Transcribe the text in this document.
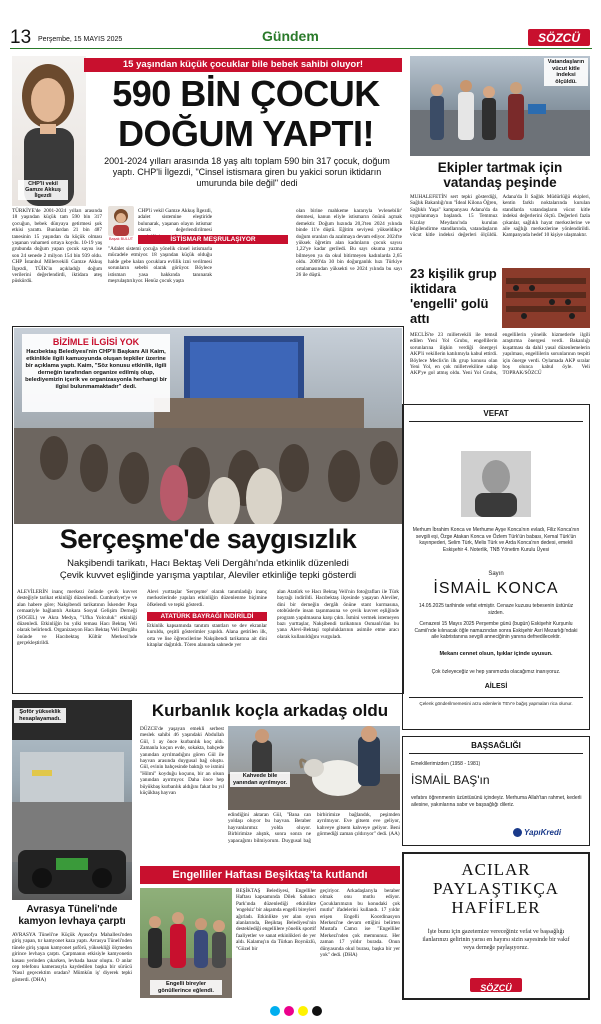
13 Perşembe, 15 MAYIS 2025	Gündem	SÖZCÜ
CHP'li vekil Gamze Akkuş İlgezdi
15 yaşından küçük çocuklar bile bebek sahibi oluyor!
590 BİN ÇOCUK
DOĞUM YAPTI!
2001-2024 yılları arasında 18 yaş altı toplam 590 bin 317 çocuk, doğum yaptı. CHP'li İlgezdi, "Cinsel istismara giren bu yakici sorun iktidarın umurunda bile değil" dedi

TÜRKİYE'de 2001-2024 yılları arasında 18 yaşından küçük tam 590 bin 317 çocuğun, bebek dünyaya getirmesi şok etkisi yarattı. Bunlardan 21 bin 487 tanesinin 15 yaşından da küçük olması yaşanan vahameti ortaya koydu. 10-19 yaş grubunda doğum yapan çocuk sayısı ise son 24 senede 2 milyon 154 bin 939 oldu. CHP İstanbul Milletvekili Gamze Akkuş İlgezdi, TÜİK'in açıkladığı doğum verilerini değerlendirdi, iktidara ateş püskürdü.

Başak BULUT
CHP'li vekil Gamze Akkuş İlgezdi, adalet sistemine eleştiride bulunarak, yaşanan olayın istismar olarak değerlendirilmesi
İSTİSMAR MEŞRULAŞIYOR
"Adalet sistemi çocuğa yönelik cinsel istismarla mücadele etmiyor. 18 yaşından küçük olduğu halde gebe kalan çocuklara evlilik izni verilmesi sorunların sebebi olarak görüyor. Böylece istismarı yasa hakkında tanınarak meşrulaştırılıyor. Henüz çocuk yaşta
olan birine mahkeme kararıyla 'evlenebilir' denmesi, kanun eliyle istismarın önünü açmak demektir. Doğum hızında 20,3'ten 2024 yılında binde 11'e düştü. Eğitim seviyesi yükseldikçe doğum oranları da azalmaya devam ediyor. 2024'te yüksek öğretim alan kadınların çocuk sayısı 1,22'ye kadar geriledi. Bu sayı okuma yazma bilmeyen ya da okul bitirmeyen kadınlarda 2,65 oldu. 2009'da 30 bin doğurganlık hızı Türkiye ortalamasından yüksekti ve 2024 yılında bu sayı 26 ile düştü.
Vatandaşların vücut kitle indeksi ölçüldü.
Ekipler tartmak için vatandaş peşinde
MUHALEFETİN sert tepki gösterdiği, Sağlık Bakanlığı'nın "İdeal Kilona Öğren, Sağlıklı Yaşa" kampanyası Adana'da da uygulanmaya başlandı. 15 Temmuz Kızılay Meydanı'nda kurulan bilgilendirme standlarında, vatandaşların vücut kitle indeksi değerleri ölçüldü. Adana'da İl Sağlık Müdürlüğü ekipleri, kentin farklı noktalarında kurulan standlarda vatandaşların vücut kitle indeksi değerlerini ölçtü. Değerleri fazla çıkanlar, sağlıklı hayat merkezlerine ve aile sağlığı merkezlerine yönlendirildi. Kampanyada hedef 10 kişiye ulaşmaktır.
23 kişilik grup iktidara 'engelli' golü attı
MECLİS'te 23 milletvekili ile temsil edilen Yeni Yol Grubu, engellilerin sorunlarına ilişkin verdiği önergeyi AKP'li vekillerin katılımıyla kabul ettirdi. Böylece Meclis'in ilk grup konusu olan Yeni Yol, en çok milletvekiline sahip AKP'ye gol atmış oldu. Yeni Yol Grubu, engellilerin yönelik hizmetlerle ilgili araştırma önergesi verdi. Bakanlığı kuşatması da dahil yasal düzenlemelerin yapılması, engellilerin sorunlarının tespiti için önerge verdi. Oylamada AKP sıralar boş olunca kabul öyle. Veli TOPRAK/SÖZCÜ
BİZİMLE İLGİSİ YOK
Hacıbektaş Belediyesi'nin CHP'li Başkanı Ali Kaim, etkinlikle ilgili kamuoyunda oluşan tepkiler üzerine bir açıklama yaptı. Kaim, "Söz konusu etkinlik, ilgili derneğin tarafından organize edilmiş olup, belediyemizin içerik ve organizasyonla herhangi bir ilgisi bulunmamaktadır" dedi.
Serçeşme'de saygısızlık
Nakşibendi tarikatı, Hacı Bektaş Veli Dergâhı'nda etkinlik düzenledi
Çevik kuvvet eşliğinde yarışma yaptılar, Aleviler etkinliğe tepki gösterdi
ALEVİLERİN inanç merkezi önünde çevik kuvvet desteğiyle tarikat etkinliği düzenlendi. Cumhuriyet'ye ve alan habere göre; Nakşibendi tarikatının İskender Paşa cemaatiyle bağlantılı Ankara Sosyal Gelişim Derneği (SOGEL) ve Akra Medya, "Ufka Yolculuk" etkinliği düzenledi. Etkinliğin bu yılki teması Hacı Bektaş Veli olarak belirlendi. Organizasyon Hacı Bektaş Veli Dergâhı önünde ve Hacıbektaş Kültür Merkezi'nde gerçekleştirildi.
Alevi yurttaşlar 'Serçeşme' olarak tanımladığı inanç merkezlerinde yapılan etkinliğin düzenlenme biçimine öfkelendi ve tepki gösterdi.
ATATÜRK BAYRAĞI İNDİRİLDİ
Etkinlik kapsamında tanıtım stantları ve dev ekranlar kuruldu, çeşitli gösterimler yapıldı. Alana getirilen ilk, orta ve lise öğrencilerine Nakşibendi tarikatına ait dini kitaplar dağıtıldı. Tören alanında sahnede yer
alan Atatürk ve Hacı Bektaş Veli'nin fotoğrafları ile Türk bayrağı indirildi. Hacıbektaş ilçesinde yaşayan Aleviler, dini bir derneğin dergâh önüne stant kurmasına, otobüslerle insan taşınmasına ve çevik kuvvet eşliğinde program yapılmasına karşı çıktı. İsmini vermek istemeyen bazı yurttaşlar, Nakşibendi tarikatının Osmanlı'dan bu yana Alevi-Bektaşi topluluklarının asimile etme aracı olarak kullanıldığını vurguladı.
VEFAT
Merhum İbrahim Konca ve Merhume Ayşe Konca'nın evladı, Filiz Konca'nın sevgili eşi, Özge Atakan Konca ve Özlem Türk'ün babası, Kemal Türk'ün kayınpederi, Selim Türk, Melis Türk ve Arda Konca'nın dedesi, emekli Eskişehir 4. Noterlik, TNB Yönetim Kurulu Üyesi
Sayın
İSMAİL KONCA
14.05.2025 tarihinde vefat etmiştir. Cenaze kuzusu tebesenin üstünüz sizden.
Cenazesi 15 Mayıs 2025 Perşembe günü (bugün) Eskişehir Kurşunlu Camii'nde kılınacak öğle namazından sonra Eskişehir Asri Mezarlığı'ndaki aile kabristanına sevgili anneciğinin yanına defnedilecektir.
Mekanı cennet olsun, Işıklar içinde uyusun.
Çok özleyeceğiz ve hep yanımızda olacağımız inanıyoruz.
AİLESİ
Çelenk gönderilmemesini arzu edenlerin TEV'e bağış yapmaları rica olunur.
Şoför yükseklik hesaplayamadı.
Avrasya Tüneli'nde kamyon levhaya çarptı
AVRASYA Tüneli'ne Küçük Ayasofya Mahallesi'nden giriş yapan, tır kamyonet kaza yaptı. Avrasya Tüneli'nden tünele giriş yapan kamyonet şoförü, yüksekliği ölçmeden girince levhaya çarptı. Çarpmanın etkisiyle kamyonetin kasası yerinden çıkarken, levhada hasar oluştu. O anlar cep telefonu kamerasıyla kaydedilen başka bir sürücü 'Nasıl geçecektim oradan? Mümkün iş' diyerek tepki gösterdi. (DHA)
Kurbanlık koçla arkadaş oldu
DÜZCE'de yaşayan emekli serbest meslek sahibi 46 yaşındaki Abdullah Gül, 1 ay önce kurbanlık koç aldı. Zamanla koçun evde, sokakta, bahçede yanından ayrılmadığını gören Gül ile hayvan arasında duygusal bağ oluştu. Gül, evinin bahçesinde baktığı ve ismini "Hilmi" koyduğu koçunu, bir an olsun yanından ayırmıyor. Daha önce hep büyükbaş kurbanlık aldığını fakat bu yıl küçükbaş hayvan
Kahvede bile yanından ayrılmıyor.
edindiğini aktaran Gül, "Bana can yoldaşı oluyor bu hayvan. Beraber hayvanlarımız yolda oluyor. Birbirimize alıştık, sonra sonra ne yapacağımı bilmiyorum. Duygusal bağ birbirimize bağlandık, peşimden ayrılmıyor. Eve gitsem eve geliyor, kahveye gitsem kahveye geliyor. Beni görmediği zaman çıldırıyor" dedi. (AA)
Engelliler Haftası Beşiktaş'ta kutlandı
Engelli bireyler gönüllerince eğlendi.
BEŞİKTAŞ Belediyesi, Engelliler Haftası kapsamında Dilek Sabancı Park'ında düzenlediği etkinlikte 'engelsiz' bir akşamda engelli bireyleri ağırladı. Etkinlikte yer alan oyun alanlarında, Beşiktaş Belediyesi'nin desteklediği engellilere yönelik sportif faaliyetler ve sanat etkinlikleri de yer aldı. Kalamış'ın da Türkan Boynüzlü, "Güzel bir
geçiriyor. Arkadaşlarıyla beraber olmak onu mutlu ediyor. Çocuklarımızın bu konudaki çok mutlu" ifadelerini kullandı. 17 yıldır erişen Engelli Koordinasyon Merkezi'ne devam ettiğini belirten Mustafa Camcı ise "Engelliler Merkezi'nden çok memnunuz. Her zaman 17 yıldır burada. Onun dünyasında okul burası, başka bir yer yok" dedi. (DHA)
BAŞSAĞLIĞI
Emeklilerimizden (1958 - 1981)
İSMAİL BAŞ'ın
vefatını öğrenmenin üzüntüsünü içindeyiz. Merhuma Allah'tan rahmet, kederli ailesine, yakınlarına sabır ve başsağlığı dileriz.
YapıKredi
ACILAR
PAYLAŞTIKÇA
HAFİFLER
İşte bunu için gazetemize vereceğiniz vefat ve başsağlığı ilanlarınızı gelirinin yarısı en hayırsı sizin sayesinde bir vakıf veya derneğe paylaşıyoruz.
SÖZCÜ
